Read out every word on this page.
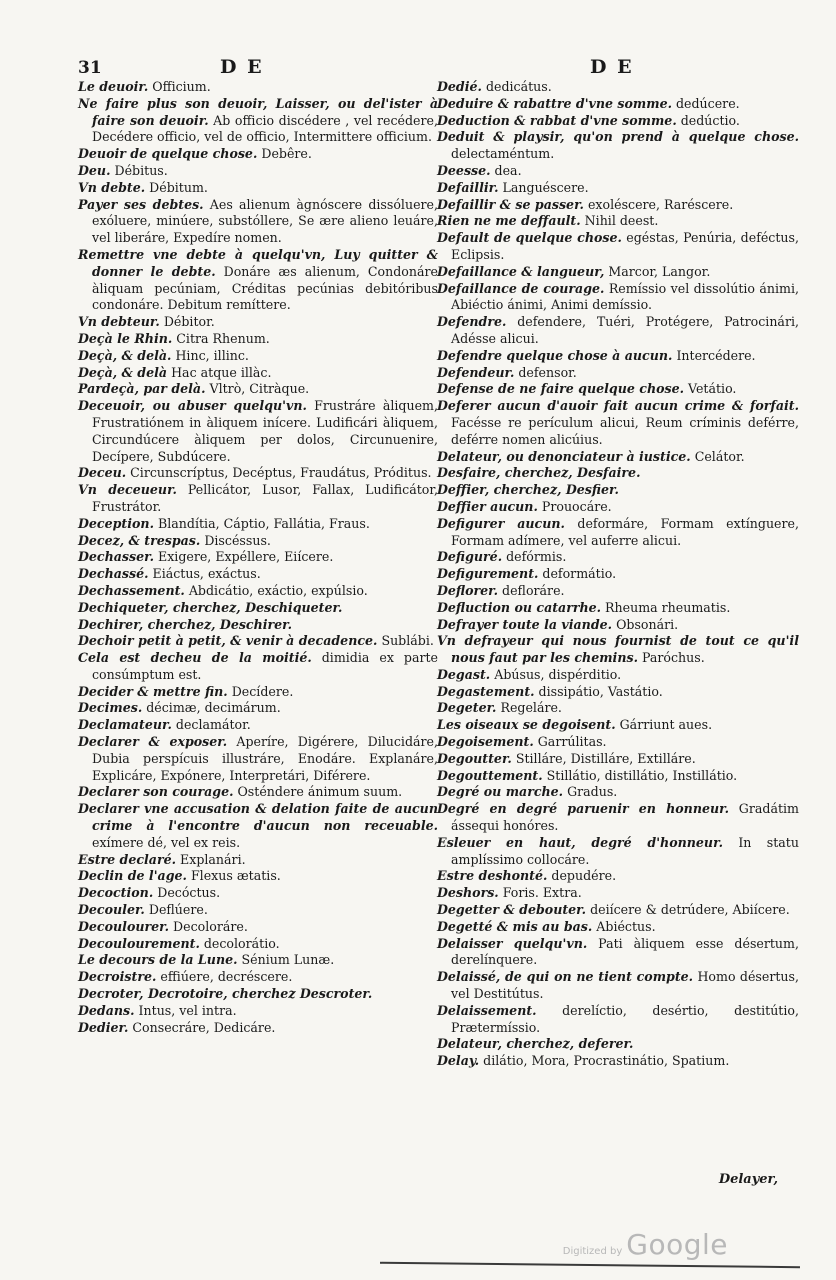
31	D E	D E

Le deuoir. Officium.

Ne faire plus son deuoir, Laisser, ou del'ister à faire son deuoir. Ab officio discédere , vel recédere, Decédere officio, vel de officio, Intermittere officium.

Deuoir de quelque chose. Debêre.

Deu. Débitus.

Vn debte. Débitum.

Payer ses debtes. Aes alienum àgnóscere dissóluere, exóluere, minúere, substóllere, Se ære alieno leuáre, vel liberáre, Expedíre nomen.

Remettre vne debte à quelqu'vn, Luy quitter & donner le debte. Donáre æs alienum, Condonáre àliquam pecúniam, Créditas pecúnias debitóribus condonáre. Debitum remíttere.

Vn debteur. Débitor.

Deçà le Rhin. Citra Rhenum.

Deçà, & delà. Hinc, illinc.

Deçà, & delà Hac atque illàc.

Pardeçà, par delà. Vltrò, Citràque.

Deceuoir, ou abuser quelqu'vn. Frustráre àliquem, Frustratiónem in àliquem inícere. Ludificári àliquem, Circundúcere àliquem per dolos, Circunuenire, Decípere, Subdúcere.

Deceu. Circunscríptus, Decéptus, Fraudátus, Próditus.

Vn deceueur. Pellicátor, Lusor, Fallax, Ludificátor, Frustrátor.

Deception. Blandítia, Cáptio, Fallátia, Fraus.

Decez, & trespas. Discéssus.

Dechasser. Exigere, Expéllere, Eiícere.

Dechassé. Eiáctus, exáctus.

Dechassement. Abdicátio, exáctio, expúlsio.

Dechiqueter, cherchez, Deschiqueter.

Dechirer, cherchez, Deschirer.

Dechoir petit à petit, & venir à decadence. Sublábi.

Cela est decheu de la moitié. dimidia ex parte consúmptum est.

Decider & mettre fin. Decídere.

Decimes. décimæ, decimárum.

Declamateur. declamátor.

Declarer & exposer. Aperíre, Digérere, Dilucidáre, Dubia perspícuis illustráre, Enodáre. Explanáre, Explicáre, Expónere, Interpretári, Diférere.

Declarer son courage. Osténdere ánimum suum.

Declarer vne accusation & delation faite de aucun crime à l'encontre d'aucun non receuable. exímere dé, vel ex reis.

Estre declaré. Explanári.

Declin de l'age. Flexus ætatis.

Decoction. Decóctus.

Decouler. Deflúere.

Decoulourer. Decoloráre.

Decoulourement. decolorátio.

Le decours de la Lune. Sénium Lunæ.

Decroistre. effiúere, decréscere.

Decroter, Decrotoire, cherchez Descroter.

Dedans. Intus, vel intra.

Dedier. Consecráre, Dedicáre.

Dedié. dedicátus.

Deduire & rabattre d'vne somme. dedúcere.

Deduction & rabbat d'vne somme. dedúctio.

Deduit & playsir, qu'on prend à quelque chose. delectaméntum.

Deesse. dea.

Defaillir. Languéscere.

Defaillir & se passer. exoléscere, Raréscere.

Rien ne me deffault. Nihil deest.

Default de quelque chose. egéstas, Penúria, deféctus, Eclipsis.

Defaillance & langueur, Marcor, Langor.

Defaillance de courage. Remíssio vel dissolútio ánimi, Abiéctio ánimi, Animi demíssio.

Defendre. defendere, Tuéri, Protégere, Patrocinári, Adésse alicui.

Defendre quelque chose à aucun. Intercédere.

Defendeur. defensor.

Defense de ne faire quelque chose. Vetátio.

Deferer aucun d'auoir fait aucun crime & forfait. Facésse re perículum alicui, Reum críminis deférre, deférre nomen alicúius.

Delateur, ou denonciateur à iustice. Celátor.

Desfaire, cherchez, Desfaire.

Deffier, cherchez, Desfier.

Deffier aucun. Prouocáre.

Defigurer aucun. deformáre, Formam extínguere, Formam adímere, vel auferre alicui.

Defiguré. defórmis.

Defigurement. deformátio.

Deflorer. defloráre.

Defluction ou catarrhe. Rheuma rheumatis.

Defrayer toute la viande. Obsonári.

Vn defrayeur qui nous fournist de tout ce qu'il nous faut par les chemins. Paróchus.

Degast. Abúsus, dispérditio.

Degastement. dissipátio, Vastátio.

Degeter. Regeláre.

Les oiseaux se degoisent. Gárriunt aues.

Degoisement. Garrúlitas.

Degoutter. Stilláre, Distilláre, Extilláre.

Degouttement. Stillátio, distillátio, Instillátio.

Degré ou marche. Gradus.

Degré en degré paruenir en honneur. Gradátim ássequi honóres.

Esleuer en haut, degré d'honneur. In statu amplíssimo collocáre.

Estre deshonté. depudére.

Deshors. Foris. Extra.

Degetter & debouter. deiícere & detrúdere, Abiícere.

Degetté & mis au bas. Abiéctus.

Delaisser quelqu'vn. Pati àliquem esse désertum, derelínquere.

Delaissé, de qui on ne tient compte. Homo désertus, vel Destitútus.

Delaissement. derelíctio, desértio, destitútio, Prætermíssio.

Delateur, cherchez, deferer.

Delay. dilátio, Mora, Procrastinátio, Spatium.

Delayer,
Digitized by Google
